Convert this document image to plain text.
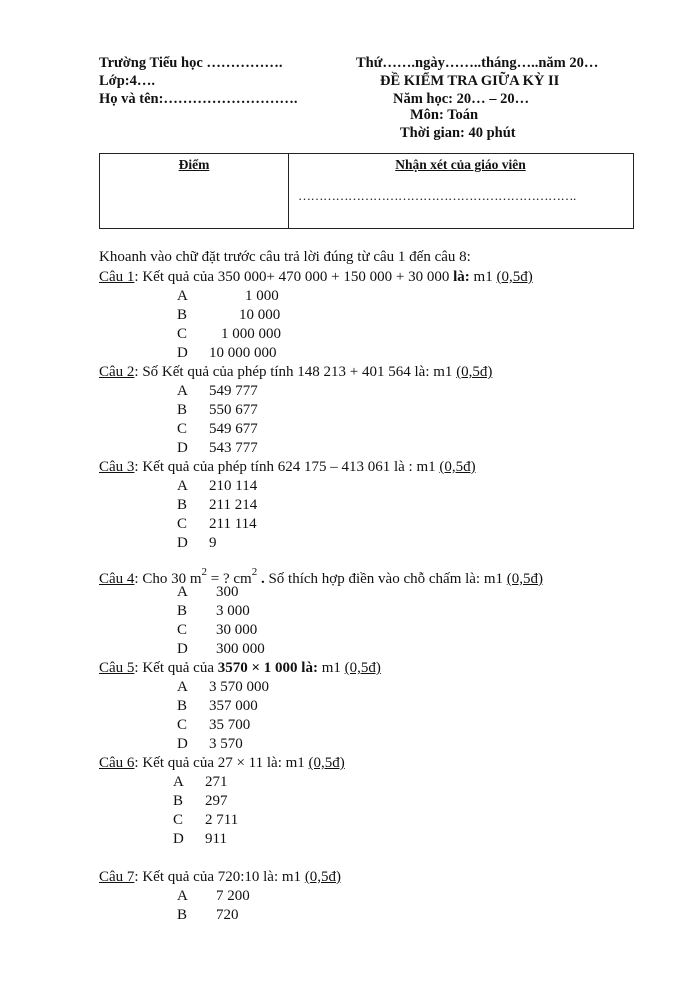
Trường Tiểu học …………….
Lớp:4….
Họ và tên:……………………….
Thứ…….ngày……..tháng…..năm 20…
ĐỀ KIỂM TRA GIỮA KỲ II
Năm học: 20… – 20…
Môn: Toán
Thời gian: 40 phút
Điểm	Nhận xét của giáo viên
………………………………………………………….
Khoanh vào chữ đặt trước câu trả lời đúng từ câu 1 đến câu 8:
Câu 1: Kết quả của 350 000+ 470 000 + 150 000 + 30 000 là: m1 (0,5đ)
A	1 000
B	10 000
C 1 000 000
D 10 000 000
Câu 2: Số Kết quả của phép tính 148 213 + 401 564 là: m1 (0,5đ)
A 549 777
B 550 677
C 549 677
D 543 777
Câu 3: Kết quả của phép tính 624 175 – 413 061 là : m1 (0,5đ)
A 210 114
B 211 214
C 211 114
D 9
Câu 4: Cho 30 $m^2$ = ? $cm^2$ . Số thích hợp điền vào chỗ chấm là: m1 (0,5đ)
A 300
B 3 000
C 30 000
D 300 000
Câu 5: Kết quả của 3570 × 1 000 là: m1 (0,5đ)
A 3 570 000
B 357 000
C 35 700
D 3 570
Câu 6: Kết quả của 27 × 11 là: m1 (0,5đ)
A 271
B 297
C 2 711
D 911
Câu 7: Kết quả của 720:10 là: m1 (0,5đ)
A 7 200
B 720
